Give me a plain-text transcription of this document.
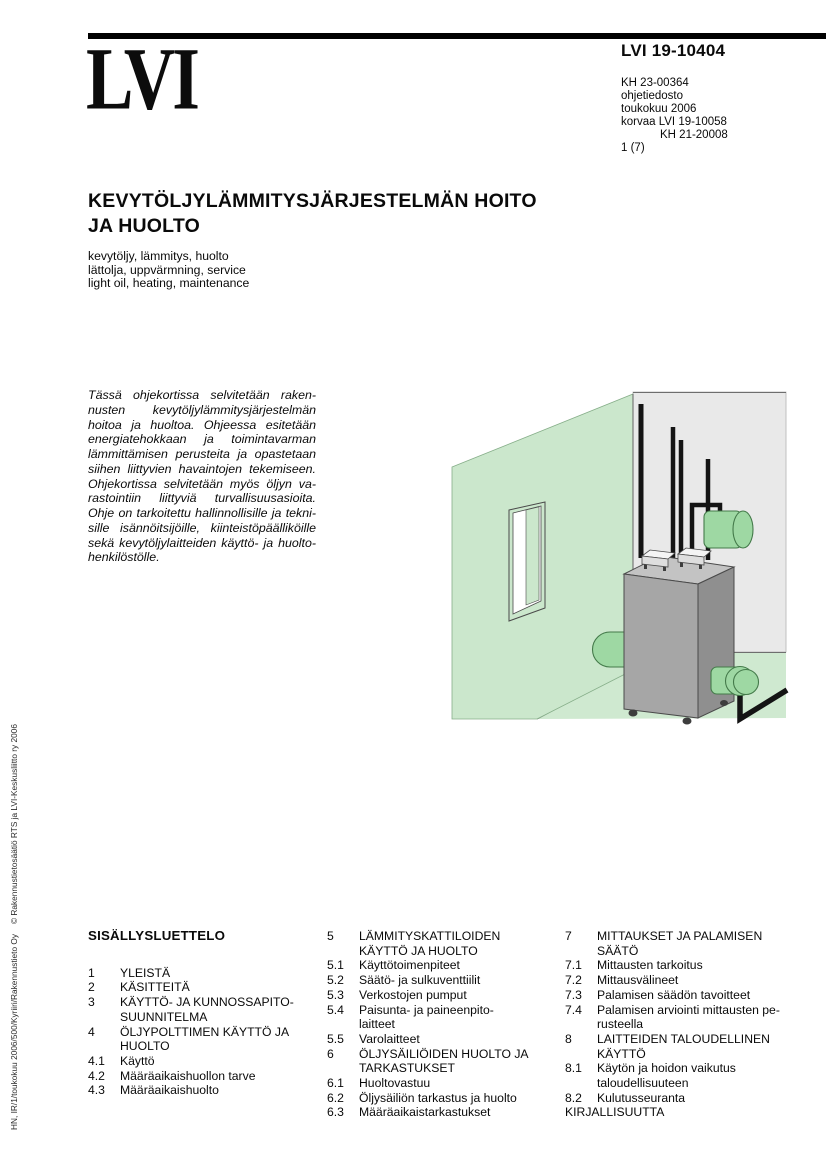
LVI	LVI 19-10404
KH 23-00364
ohjetiedosto
toukokuu 2006
korvaa LVI 19-10058
KH 21-20008
1 (7)
KEVYTÖLJYLÄMMITYSJÄRJESTELMÄN HOITO
JA HUOLTO
kevytöljy, lämmitys, huolto
lättolja, uppvärmning, service
light oil, heating, maintenance
Tässä ohjekortissa selvitetään raken-
nusten kevytöljylämmitysjärjestelmän
hoitoa ja huoltoa. Ohjeessa esitetään
energiatehokkaan ja toimintavarman
lämmittämisen perusteita ja opastetaan
siihen liittyvien havaintojen tekemiseen.
Ohjekortissa selvitetään myös öljyn va-
rastointiin liittyviä turvallisuusasioita.
Ohje on tarkoitettu hallinnollisille ja tekni-
sille isännöitsijöille, kiinteistöpäälliköille
sekä kevytöljylaitteiden käyttö- ja huolto-
henkilöstölle.
SISÄLLYSLUETTELO
1	YLEISTÄ
2	KÄSITTEITÄ
3	KÄYTTÖ- JA KUNNOSSAPITO-
SUUNNITELMA
4	ÖLJYPOLTTIMEN KÄYTTÖ JA
HUOLTO
4.1	Käyttö
4.2	Määräaikaishuollon tarve
4.3	Määräaikaishuolto
5	LÄMMITYSKATTILOIDEN
KÄYTTÖ JA HUOLTO
5.1	Käyttötoimenpiteet
5.2	Säätö- ja sulkuventtiilit
5.3	Verkostojen pumput
5.4	Paisunta- ja paineenpito-
laitteet
5.5	Varolaitteet
6	ÖLJYSÄILIÖIDEN HUOLTO JA
TARKASTUKSET
6.1	Huoltovastuu
6.2	Öljysäiliön tarkastus ja huolto
6.3	Määräaikaistarkastukset
7	MITTAUKSET JA PALAMISEN
SÄÄTÖ
7.1	Mittausten tarkoitus
7.2	Mittausvälineet
7.3	Palamisen säädön tavoitteet
7.4	Palamisen arviointi mittausten pe-
rusteella
8	LAITTEIDEN TALOUDELLINEN
KÄYTTÖ
8.1	Käytön ja hoidon vaikutus
taloudellisuuteen
8.2	Kulutusseuranta
KIRJALLISUUTTA
HN, IR/1/toukokuu 2006/500/Kyriiri/Rakennustieto Oy© Rakennustietosäätiö RTS ja LVI-Keskusliitto ry 2006
